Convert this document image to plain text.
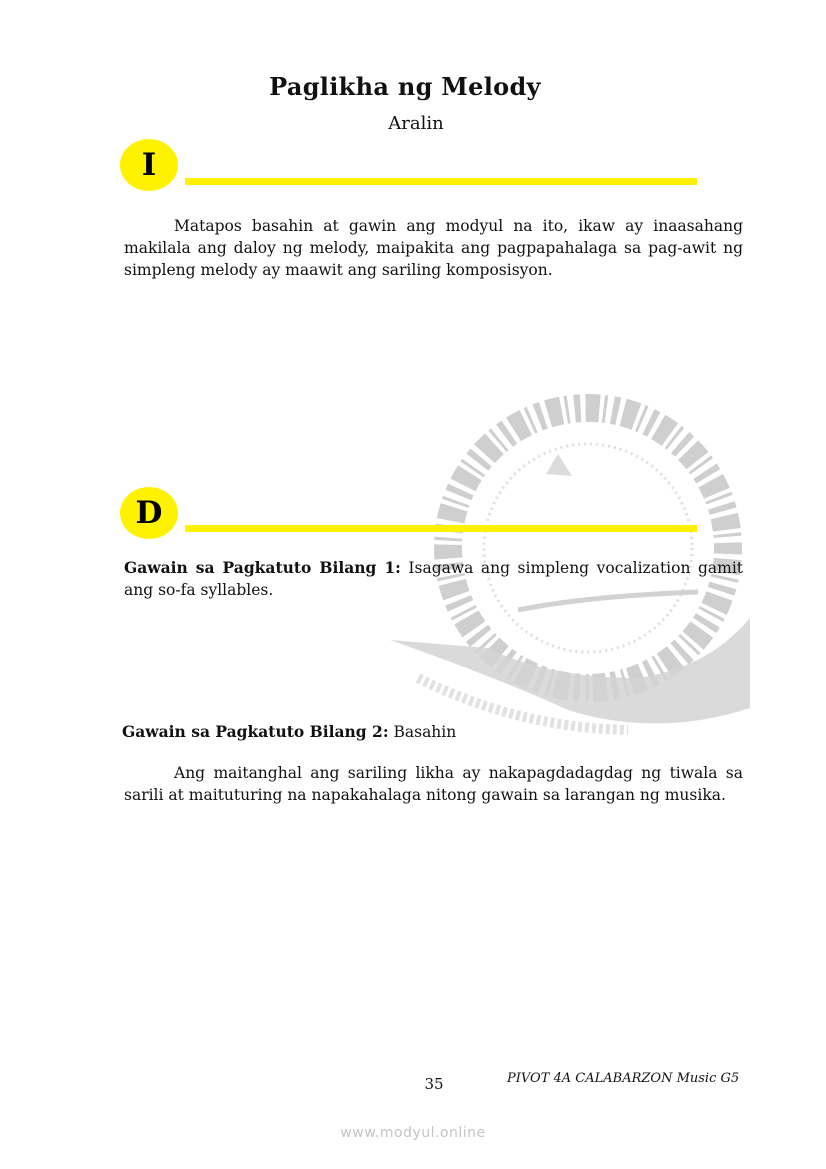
Paglikha ng Melody
Aralin
I
Matapos basahin at gawin ang modyul na ito, ikaw ay inaasahang makilala ang daloy ng melody, maipakita ang pagpapahalaga sa pag-awit ng simpleng melody ay maawit ang sariling komposisyon.
D
Gawain sa Pagkatuto Bilang 1: Isagawa ang simpleng vocalization gamit ang so-fa syllables.
Gawain sa Pagkatuto Bilang 2: Basahin
Ang maitanghal ang sariling likha ay nakapagdadagdag ng tiwala sa sarili at maituturing na napakahalaga nitong gawain sa larangan ng musika.
35	PIVOT 4A CALABARZON Music G5
www.modyul.online
